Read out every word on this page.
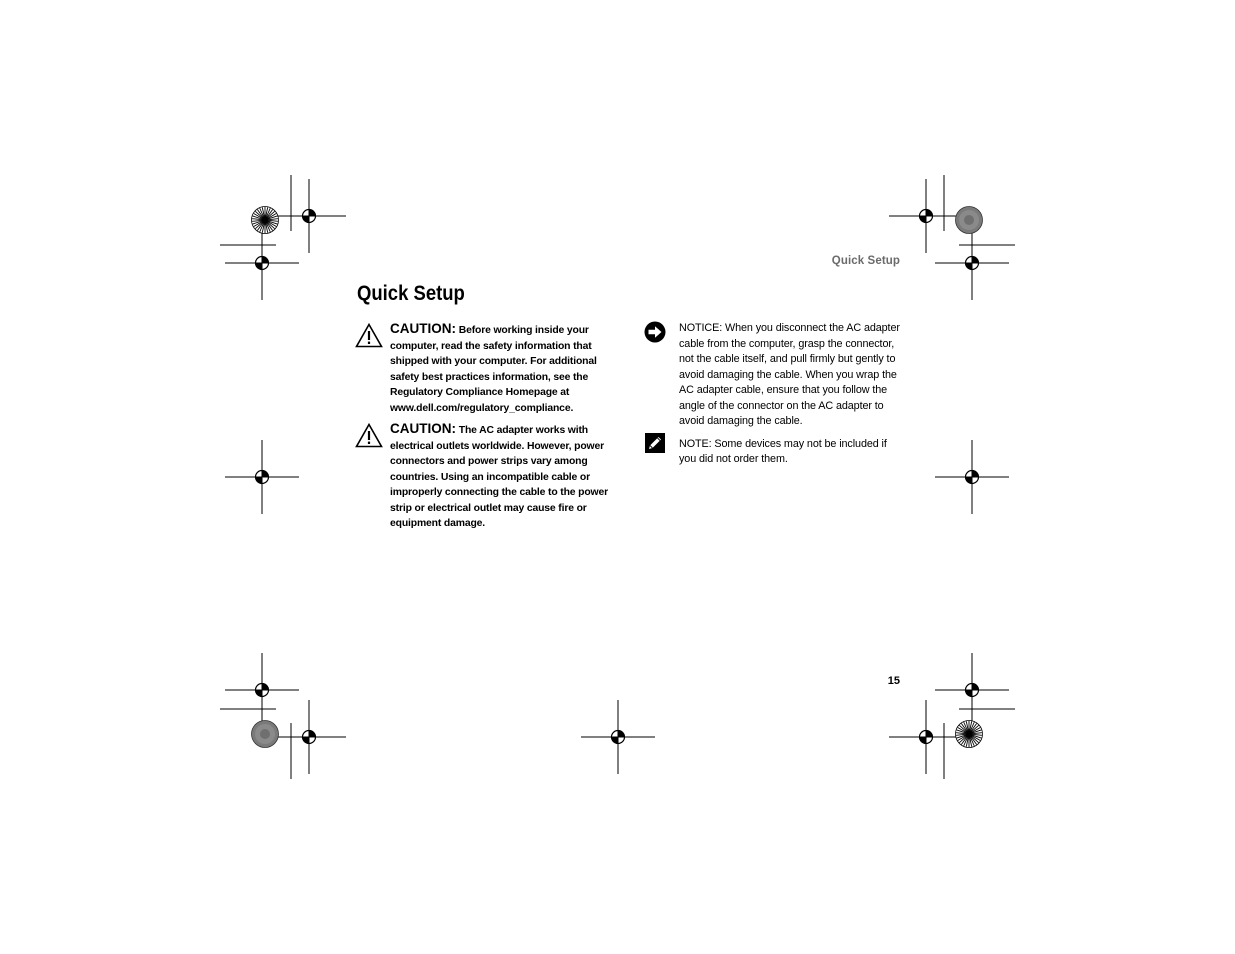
Quick Setup
Quick Setup
CAUTION: Before working inside your computer, read the safety information that shipped with your computer. For additional safety best practices information, see the Regulatory Compliance Homepage at www.dell.com/regulatory_compliance.
CAUTION: The AC adapter works with electrical outlets worldwide. However, power connectors and power strips vary among countries. Using an incompatible cable or improperly connecting the cable to the power strip or electrical outlet may cause fire or equipment damage.
NOTICE: When you disconnect the AC adapter cable from the computer, grasp the connector, not the cable itself, and pull firmly but gently to avoid damaging the cable. When you wrap the AC adapter cable, ensure that you follow the angle of the connector on the AC adapter to avoid damaging the cable.
NOTE: Some devices may not be included if you did not order them.
15
